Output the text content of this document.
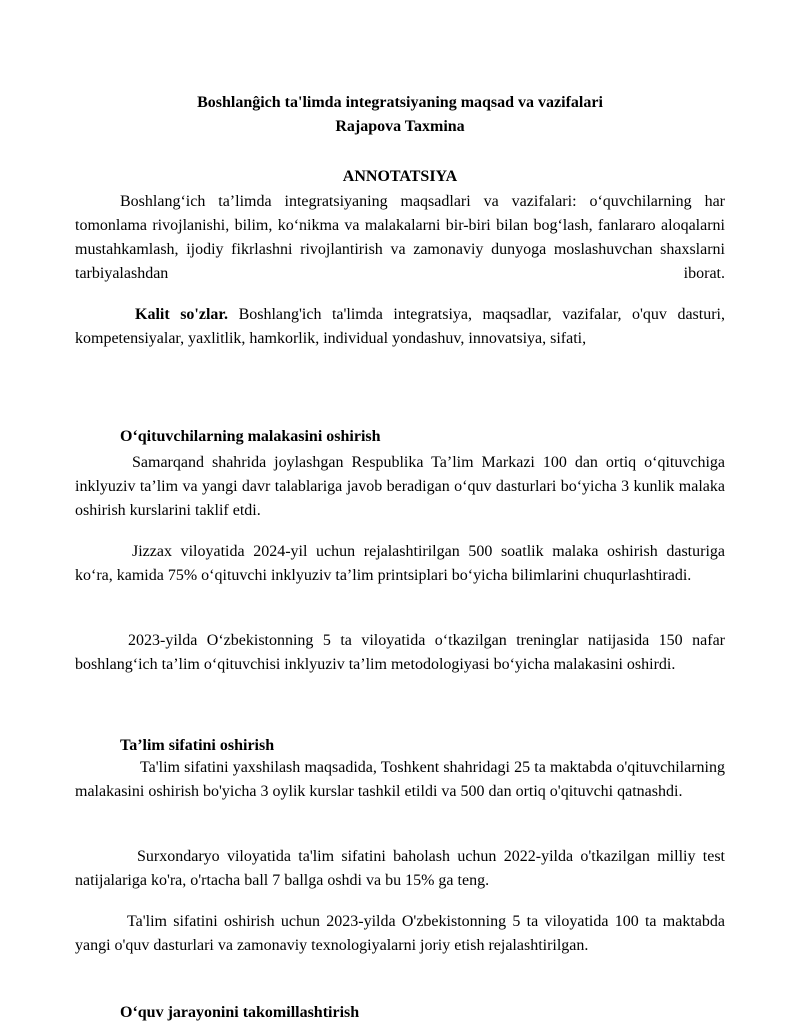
Boshlanĝich ta'limda integratsiyaning maqsad va vazifalari

Rajapova Taxmina

ANNOTATSIYA

Boshlangʻich taʼlimda integratsiyaning maqsadlari va vazifalari: oʻquvchilarning har tomonlama rivojlanishi, bilim, koʻnikma va malakalarni bir-biri bilan bogʻlash, fanlararo aloqalarni mustahkamlash, ijodiy fikrlashni rivojlantirish va zamonaviy dunyoga moslashuvchan shaxslarni tarbiyalashdan iborat.

Kalit so'zlar. Boshlang'ich ta'limda integratsiya, maqsadlar, vazifalar, o'quv dasturi, kompetensiyalar, yaxlitlik, hamkorlik, individual yondashuv, innovatsiya, sifati,

Oʻqituvchilarning malakasini oshirish

Samarqand shahrida joylashgan Respublika Taʼlim Markazi 100 dan ortiq oʻqituvchiga inklyuziv taʼlim va yangi davr talablariga javob beradigan oʻquv dasturlari boʻyicha 3 kunlik malaka oshirish kurslarini taklif etdi.

Jizzax viloyatida 2024-yil uchun rejalashtirilgan 500 soatlik malaka oshirish dasturiga koʻra, kamida 75% oʻqituvchi inklyuziv taʼlim printsiplari boʻyicha bilimlarini chuqurlashtiradi.

2023-yilda Oʻzbekistonning 5 ta viloyatida oʻtkazilgan treninglar natijasida 150 nafar boshlangʻich taʼlim oʻqituvchisi inklyuziv taʼlim metodologiyasi boʻyicha malakasini oshirdi.

Taʼlim sifatini oshirish

Ta'lim sifatini yaxshilash maqsadida, Toshkent shahridagi 25 ta maktabda o'qituvchilarning malakasini oshirish bo'yicha 3 oylik kurslar tashkil etildi va 500 dan ortiq o'qituvchi qatnashdi.

Surxondaryo viloyatida ta'lim sifatini baholash uchun 2022-yilda o'tkazilgan milliy test natijalariga ko'ra, o'rtacha ball 7 ballga oshdi va bu 15% ga teng.

Ta'lim sifatini oshirish uchun 2023-yilda O'zbekistonning 5 ta viloyatida 100 ta maktabda yangi o'quv dasturlari va zamonaviy texnologiyalarni joriy etish rejalashtirilgan.

Oʻquv jarayonini takomillashtirish
